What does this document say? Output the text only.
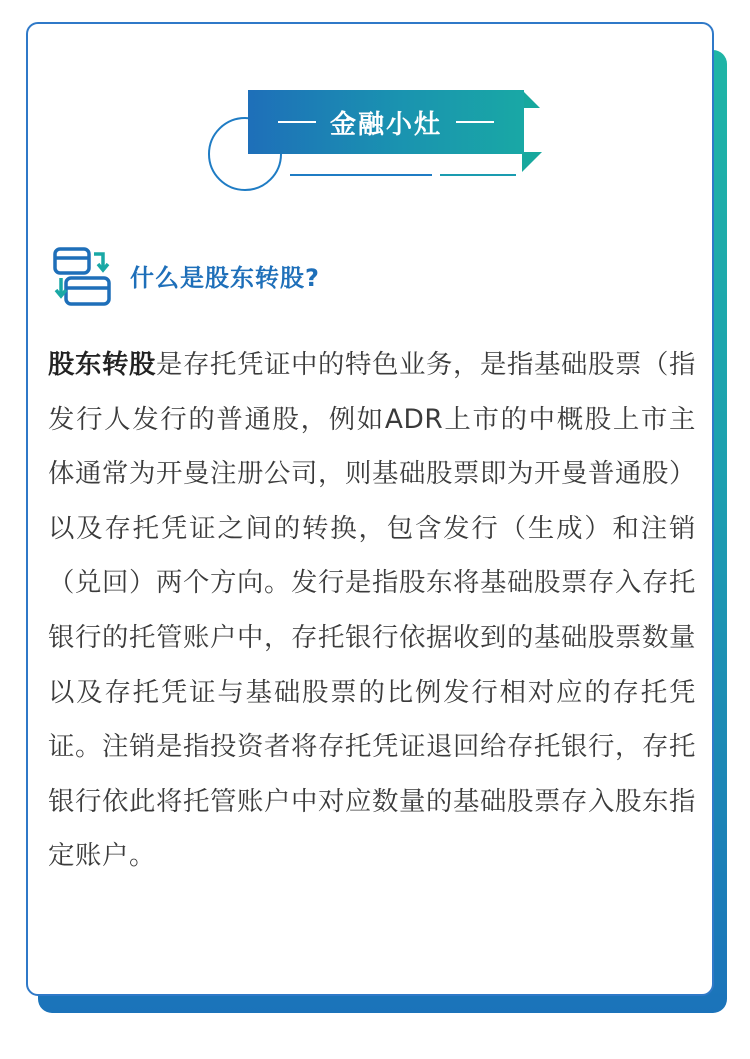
金融小灶

什么是股东转股?

股东转股是存托凭证中的特色业务，是指基础股票（指发行人发行的普通股，例如ADR上市的中概股上市主体通常为开曼注册公司，则基础股票即为开曼普通股）以及存托凭证之间的转换，包含发行（生成）和注销（兑回）两个方向。发行是指股东将基础股票存入存托银行的托管账户中，存托银行依据收到的基础股票数量以及存托凭证与基础股票的比例发行相对应的存托凭证。注销是指投资者将存托凭证退回给存托银行，存托银行依此将托管账户中对应数量的基础股票存入股东指定账户。
